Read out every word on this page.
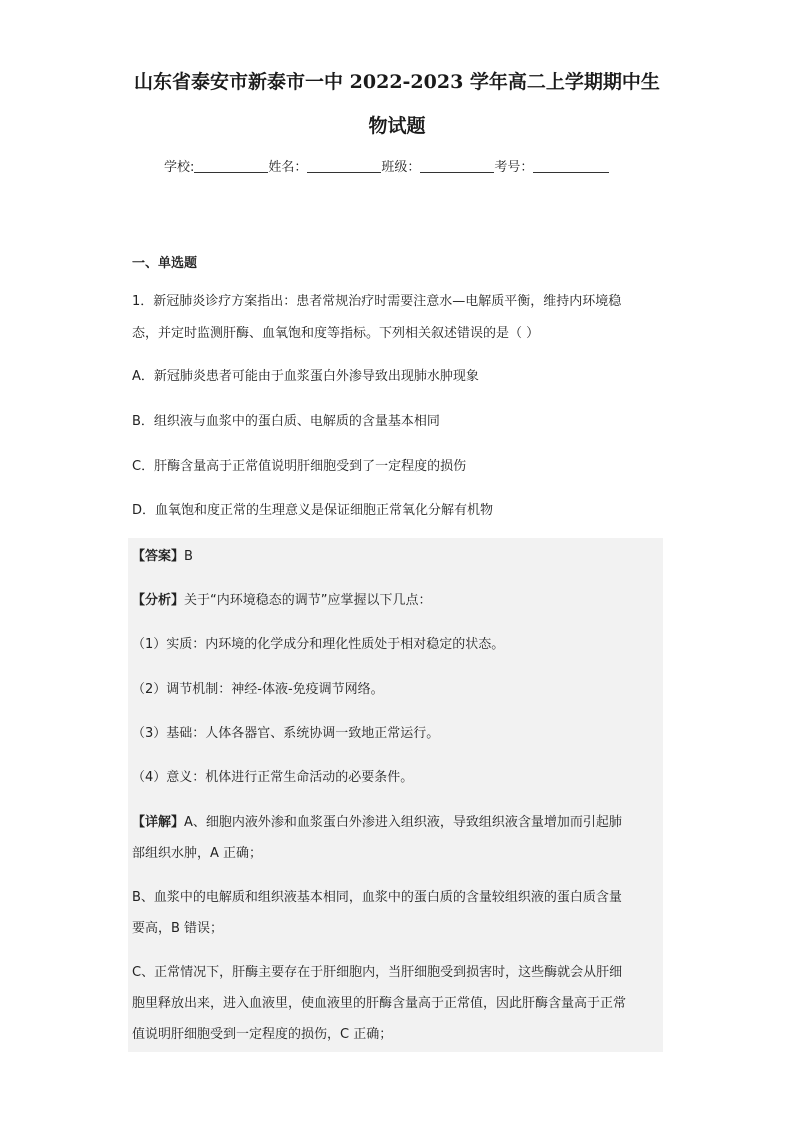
山东省泰安市新泰市一中 2022-2023 学年高二上学期期中生
物试题
学校:	姓名：	班级：	考号：
一、单选题
1．新冠肺炎诊疗方案指出：患者常规治疗时需要注意水—电解质平衡，维持内环境稳
态，并定时监测肝酶、血氧饱和度等指标。下列相关叙述错误的是（ ）
A．新冠肺炎患者可能由于血浆蛋白外渗导致出现肺水肿现象
B．组织液与血浆中的蛋白质、电解质的含量基本相同
C．肝酶含量高于正常值说明肝细胞受到了一定程度的损伤
D．血氧饱和度正常的生理意义是保证细胞正常氧化分解有机物
【答案】B
【分析】关于“内环境稳态的调节”应掌握以下几点：
（1）实质：内环境的化学成分和理化性质处于相对稳定的状态。
（2）调节机制：神经-体液-免疫调节网络。
（3）基础：人体各器官、系统协调一致地正常运行。
（4）意义：机体进行正常生命活动的必要条件。
【详解】A、细胞内液外渗和血浆蛋白外渗进入组织液，导致组织液含量增加而引起肺
部组织水肿，A 正确；
B、血浆中的电解质和组织液基本相同，血浆中的蛋白质的含量较组织液的蛋白质含量
要高，B 错误；
C、正常情况下，肝酶主要存在于肝细胞内，当肝细胞受到损害时，这些酶就会从肝细
胞里释放出来，进入血液里，使血液里的肝酶含量高于正常值，因此肝酶含量高于正常
值说明肝细胞受到一定程度的损伤，C 正确；
